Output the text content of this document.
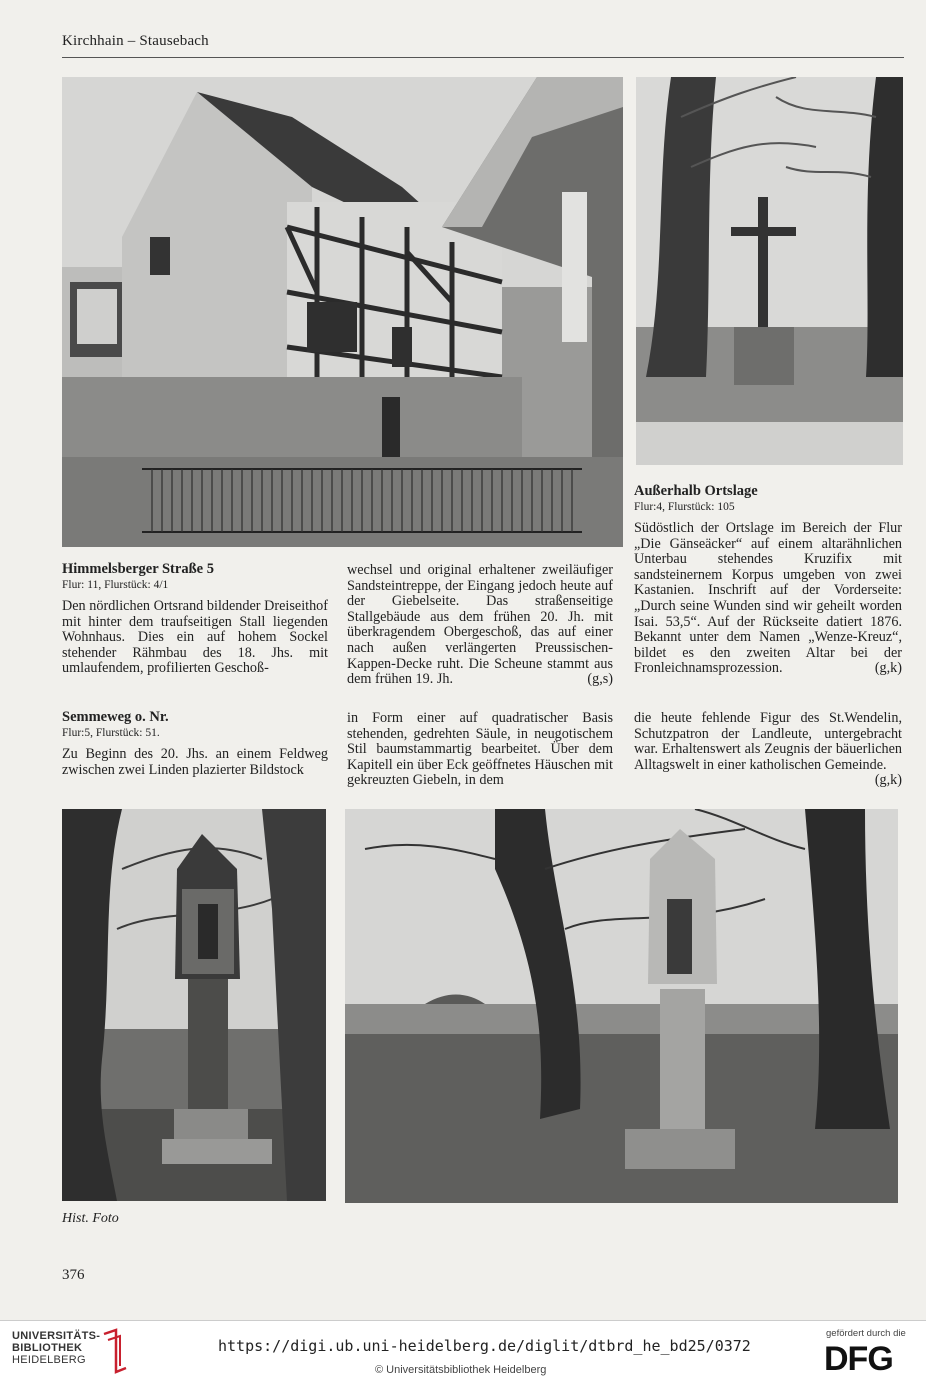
Kirchhain – Stausebach
Himmelsberger Straße 5
Flur: 11, Flurstück: 4/1
Den nördlichen Ortsrand bildender Dreiseithof mit hinter dem traufseitigen Stall liegenden Wohnhaus. Dies ein auf hohem Sockel stehender Rähmbau des 18. Jhs. mit umlaufendem, profilierten Geschoß-
wechsel und original erhaltener zweiläufiger Sandsteintreppe, der Eingang jedoch heute auf der Giebelseite. Das straßenseitige Stallgebäude aus dem frühen 20. Jh. mit überkragendem Obergeschoß, das auf einer nach außen verlängerten Preussischen-Kappen-Decke ruht. Die Scheune stammt aus dem frühen 19. Jh.	(g,s)
Außerhalb Ortslage
Flur:4, Flurstück: 105
Südöstlich der Ortslage im Bereich der Flur „Die Gänseäcker“ auf einem altarähnlichen Unterbau stehendes Kruzifix mit sandsteinernem Korpus umgeben von zwei Kastanien. Inschrift auf der Vorderseite: „Durch seine Wunden sind wir geheilt worden Isai. 53,5“. Auf der Rückseite datiert 1876. Bekannt unter dem Namen „Wenze-Kreuz“, bildet es den zweiten Altar bei der Fronleichnamsprozession.	(g,k)
Semmeweg o. Nr.
Flur:5, Flurstück: 51.
Zu Beginn des 20. Jhs. an einem Feldweg zwischen zwei Linden plazierter Bildstock
in Form einer auf quadratischer Basis stehenden, gedrehten Säule, in neugotischem Stil baumstammartig bearbeitet. Über dem Kapitell ein über Eck geöffnetes Häuschen mit gekreuzten Giebeln, in dem
die heute fehlende Figur des St.Wendelin, Schutzpatron der Landleute, untergebracht war. Erhaltenswert als Zeugnis der bäuerlichen Alltagswelt in einer katholischen Gemeinde.
(g,k)
Hist. Foto
376
UNIVERSITÄTS-
BIBLIOTHEK
HEIDELBERG
https://digi.ub.uni-heidelberg.de/diglit/dtbrd_he_bd25/0372
© Universitätsbibliothek Heidelberg
gefördert durch die
DFG
